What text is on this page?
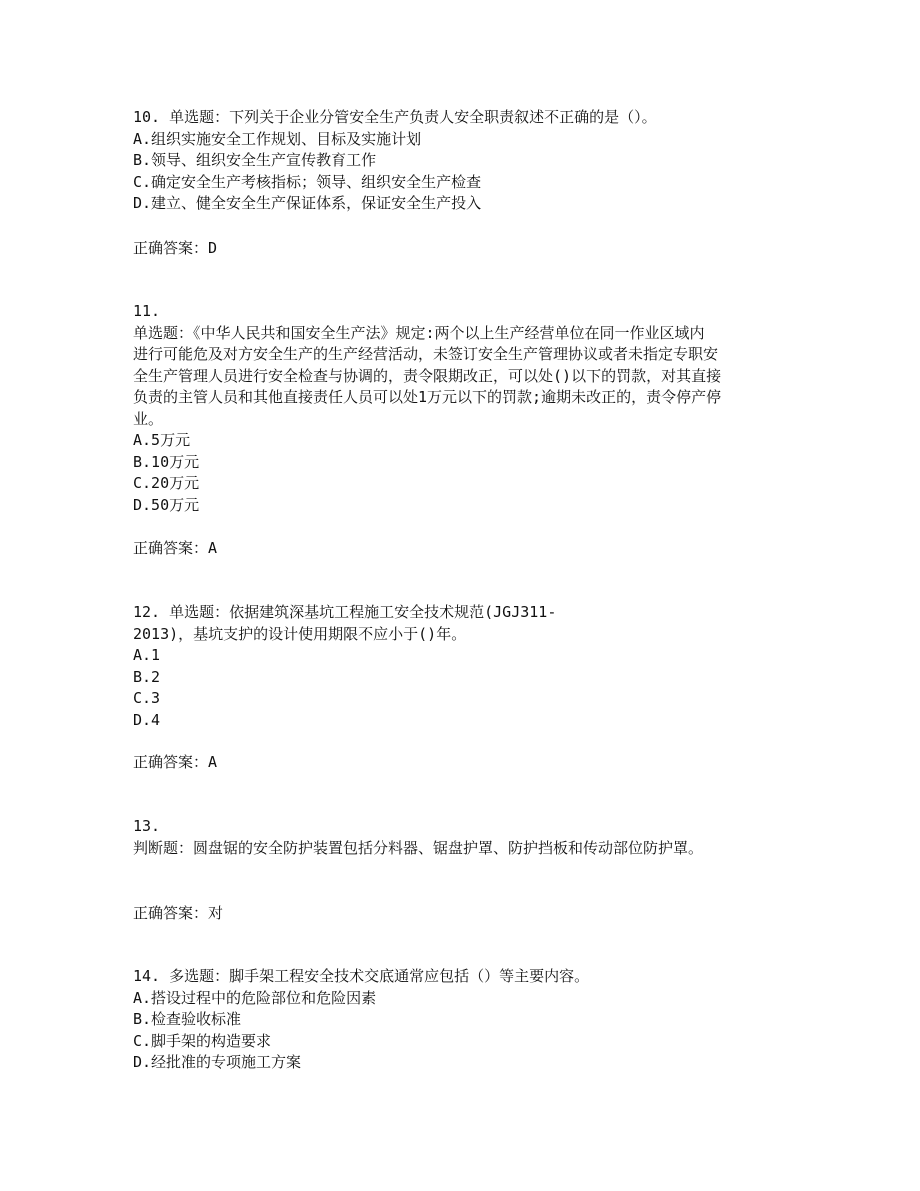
10. 单选题：下列关于企业分管安全生产负责人安全职责叙述不正确的是（）。
A.组织实施安全工作规划、目标及实施计划
B.领导、组织安全生产宣传教育工作
C.确定安全生产考核指标；领导、组织安全生产检查
D.建立、健全安全生产保证体系，保证安全生产投入
正确答案：D
11.
单选题：《中华人民共和国安全生产法》规定:两个以上生产经营单位在同一作业区域内
进行可能危及对方安全生产的生产经营活动，未签订安全生产管理协议或者未指定专职安
全生产管理人员进行安全检查与协调的，责令限期改正，可以处()以下的罚款，对其直接
负责的主管人员和其他直接责任人员可以处1万元以下的罚款;逾期未改正的，责令停产停
业。
A.5万元
B.10万元
C.20万元
D.50万元
正确答案：A
12. 单选题：依据建筑深基坑工程施工安全技术规范(JGJ311-
2013)，基坑支护的设计使用期限不应小于()年。
A.1
B.2
C.3
D.4
正确答案：A
13.
判断题：圆盘锯的安全防护装置包括分料器、锯盘护罩、防护挡板和传动部位防护罩。
正确答案：对
14. 多选题：脚手架工程安全技术交底通常应包括（）等主要内容。
A.搭设过程中的危险部位和危险因素
B.检查验收标准
C.脚手架的构造要求
D.经批准的专项施工方案
